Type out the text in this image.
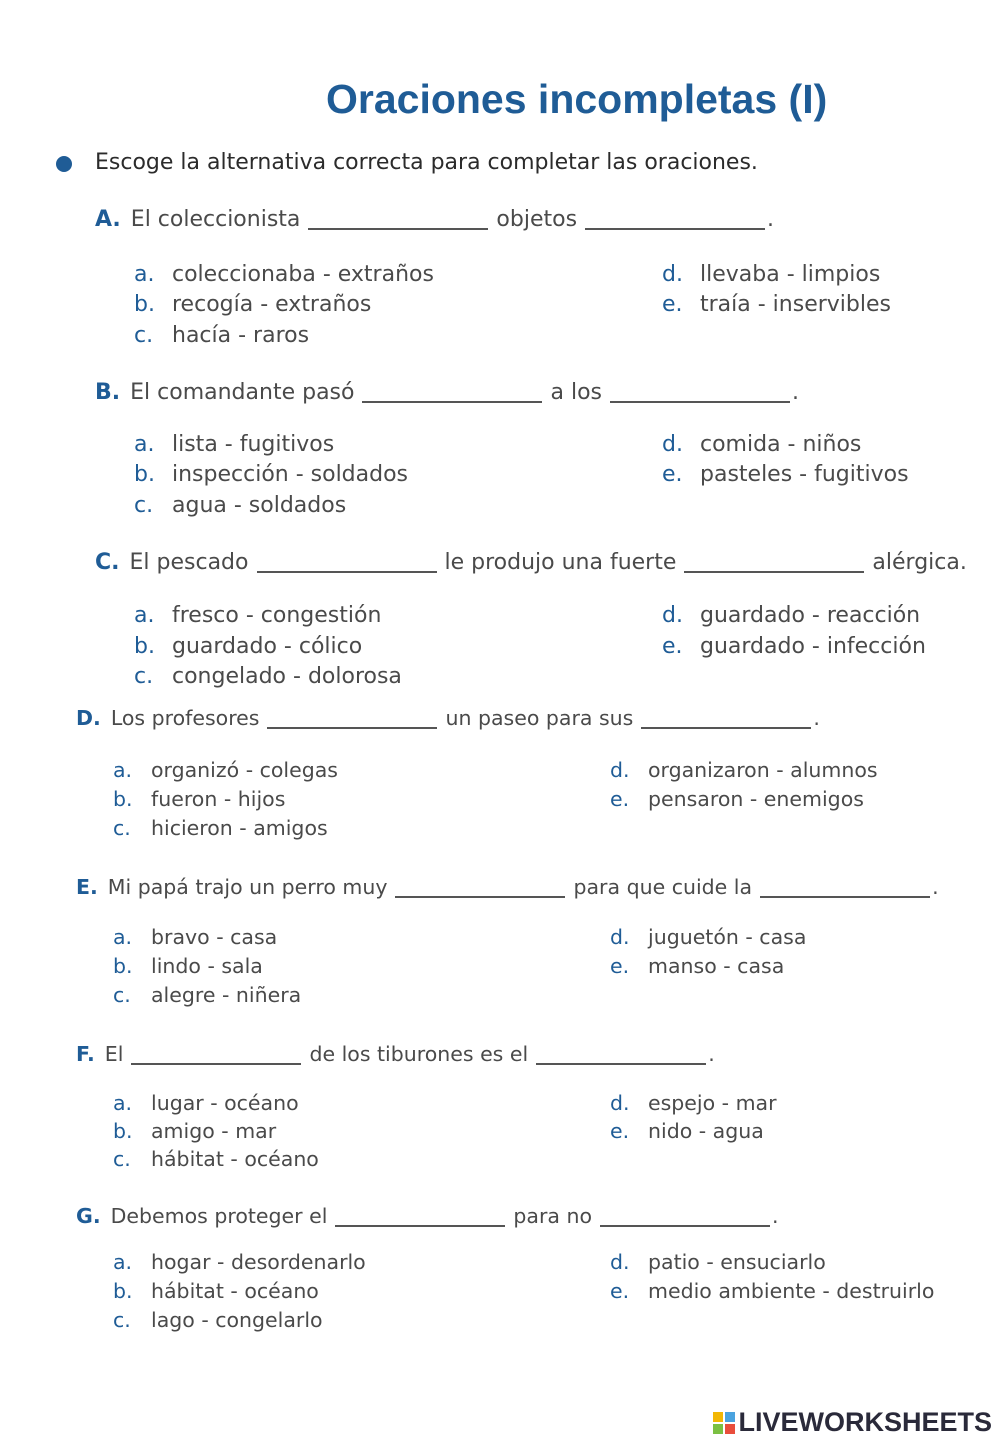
Oraciones incompletas (I)
Escoge la alternativa correcta para completar las oraciones.
A. El coleccionista	objetos	.
a. coleccionaba - extraños
b. recogía - extraños
c. hacía - raros
d. llevaba - limpios
e. traía - inservibles
B. El comandante pasó	a los	.
a. lista - fugitivos
b. inspección - soldados
c. agua - soldados
d. comida - niños
e. pasteles - fugitivos
C. El pescado	le produjo una fuerte	alérgica.
a. fresco - congestión
b. guardado - cólico
c. congelado - dolorosa
d. guardado - reacción
e. guardado - infección
D. Los profesores	un paseo para sus	.
a. organizó - colegas
b. fueron - hijos
c. hicieron - amigos
d. organizaron - alumnos
e. pensaron - enemigos
E. Mi papá trajo un perro muy	para que cuide la	.
a. bravo - casa
b. lindo - sala
c. alegre - niñera
d. juguetón - casa
e. manso - casa
F. El	de los tiburones es el	.
a. lugar - océano
b. amigo - mar
c. hábitat - océano
d. espejo - mar
e. nido - agua
G. Debemos proteger el	para no	.
a. hogar - desordenarlo
b. hábitat - océano
c. lago - congelarlo
d. patio - ensuciarlo
e. medio ambiente - destruirlo
LIVEWORKSHEETS
